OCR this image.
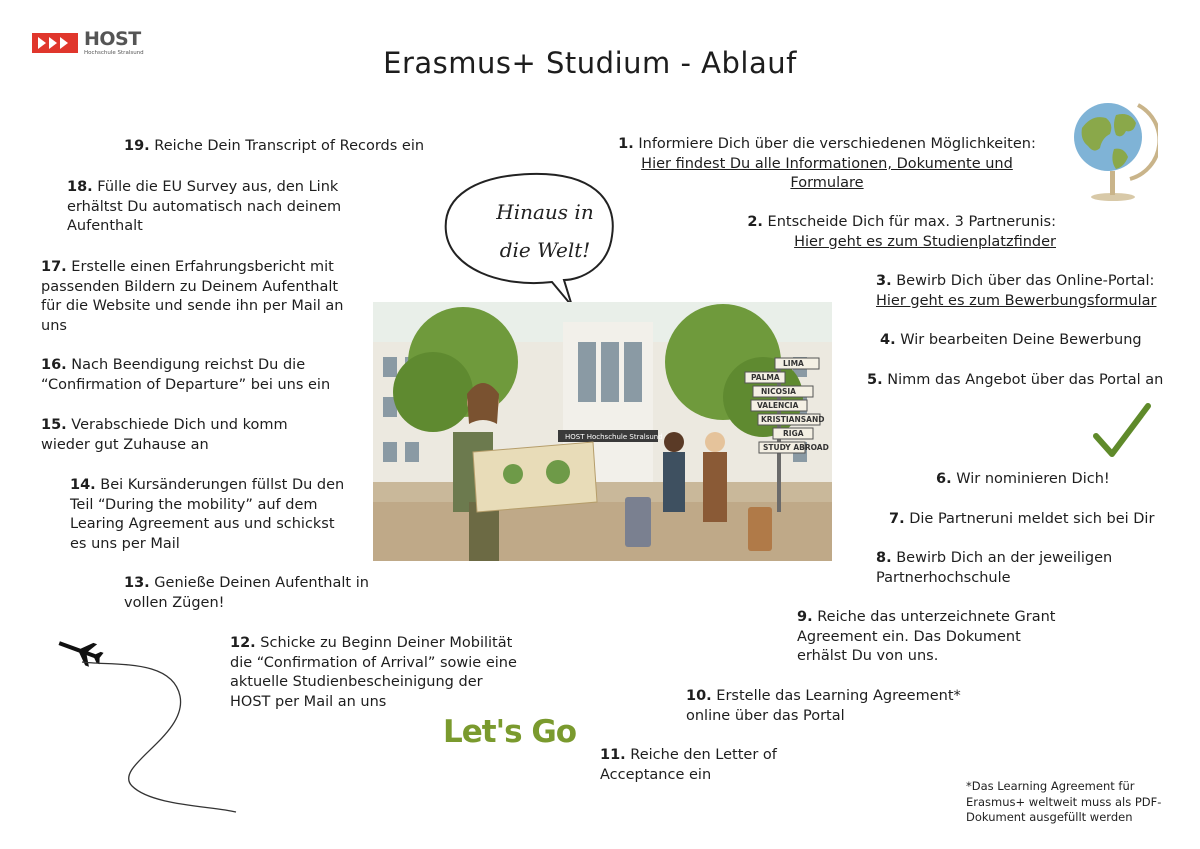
HOST
Hochschule Stralsund	Erasmus+ Studium - Ablauf
Hinaus in
die Welt!
HOST Hochschule Stralsund
LIMA
PALMA
NICOSIA
VALENCIA
KRISTIANSAND
RIGA
STUDY ABROAD
Let's Go
1. Informiere Dich über die verschiedenen Möglichkeiten:
Hier findest Du alle Informationen, Dokumente und Formulare
2. Entscheide Dich für max. 3 Partnerunis:
Hier geht es zum Studienplatzfinder
3. Bewirb Dich über das Online-Portal:
Hier geht es zum Bewerbungsformular
4. Wir bearbeiten Deine Bewerbung
5. Nimm das Angebot über das Portal an
6. Wir nominieren Dich!
7. Die Partneruni meldet sich bei Dir
8. Bewirb Dich an der jeweiligen Partnerhochschule
9. Reiche das unterzeichnete Grant Agreement ein. Das Dokument erhälst Du von uns.
10. Erstelle das Learning Agreement* online über das Portal
11. Reiche den Letter of Acceptance ein
12. Schicke zu Beginn Deiner Mobilität die “Confirmation of Arrival” sowie eine aktuelle Studienbescheinigung der HOST per Mail an uns
13. Genieße Deinen Aufenthalt in vollen Zügen!
14. Bei Kursänderungen füllst Du den Teil “During the mobility” auf dem Learing Agreement aus und schickst es uns per Mail
15. Verabschiede Dich und komm wieder gut Zuhause an
16. Nach Beendigung reichst Du die “Confirmation of Departure” bei uns ein
17. Erstelle einen Erfahrungsbericht mit passenden Bildern zu Deinem Aufenthalt für die Website und sende ihn per Mail an uns
18. Fülle die EU Survey aus, den Link erhältst Du automatisch nach deinem Aufenthalt
19. Reiche Dein Transcript of Records ein
*Das Learning Agreement für Erasmus+ weltweit muss als PDF-Dokument ausgefüllt werden
